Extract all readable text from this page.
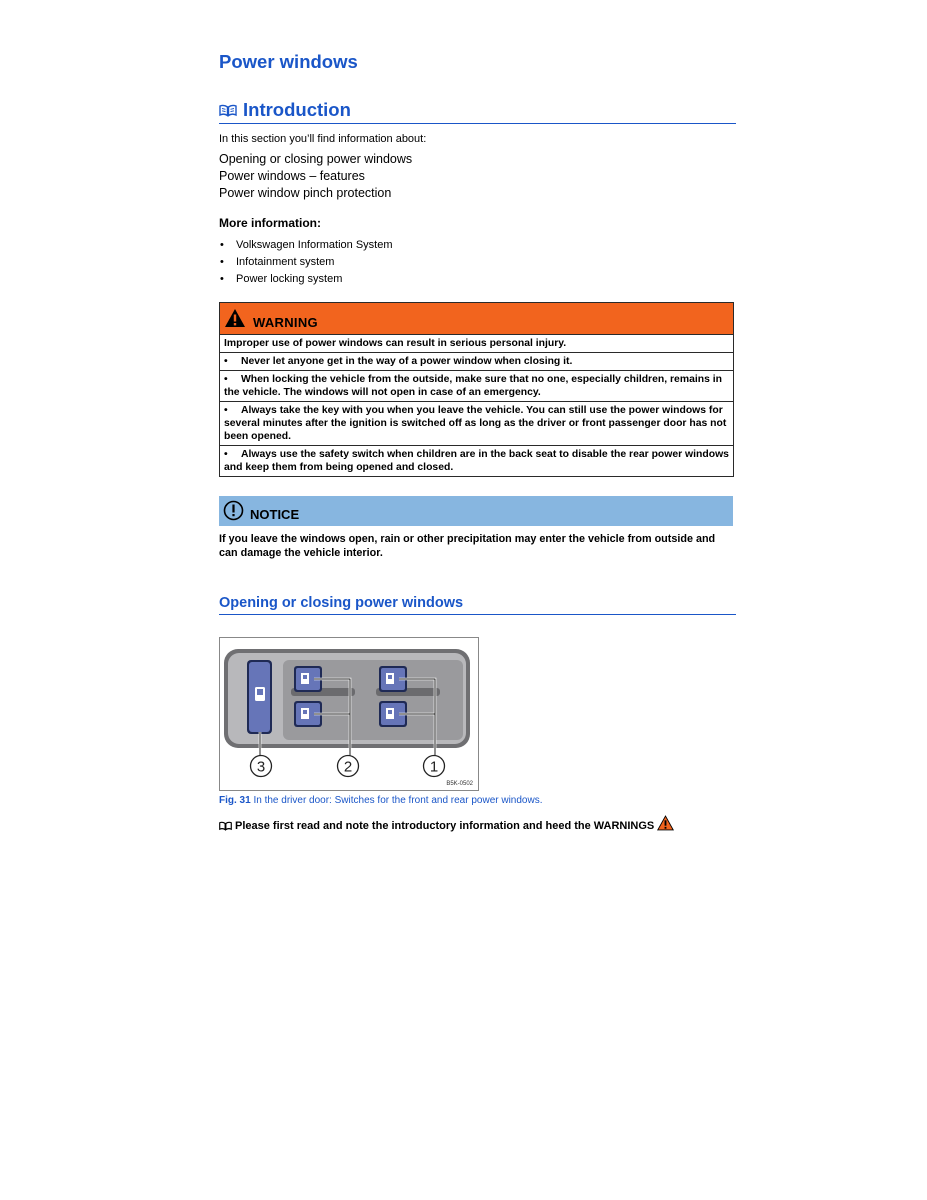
Power windows
Introduction
In this section you’ll find information about:
Opening or closing power windows
Power windows – features
Power window pinch protection
More information:
• Volkswagen Information System
• Infotainment system
• Power locking system
WARNING
Improper use of power windows can result in serious personal injury.
• Never let anyone get in the way of a power window when closing it.
• When locking the vehicle from the outside, make sure that no one, especially children, remains in the vehicle. The windows will not open in case of an emergency.
• Always take the key with you when you leave the vehicle. You can still use the power windows for several minutes after the ignition is switched off as long as the driver or front passenger door has not been opened.
• Always use the safety switch when children are in the back seat to disable the rear power windows and keep them from being opened and closed.
NOTICE
If you leave the windows open, rain or other precipitation may enter the vehicle from outside and can damage the vehicle interior.
Opening or closing power windows
3	2	1
B5K-0502
Fig. 31 In the driver door: Switches for the front and rear power windows.
Please first read and note the introductory information and heed the WARNINGS
